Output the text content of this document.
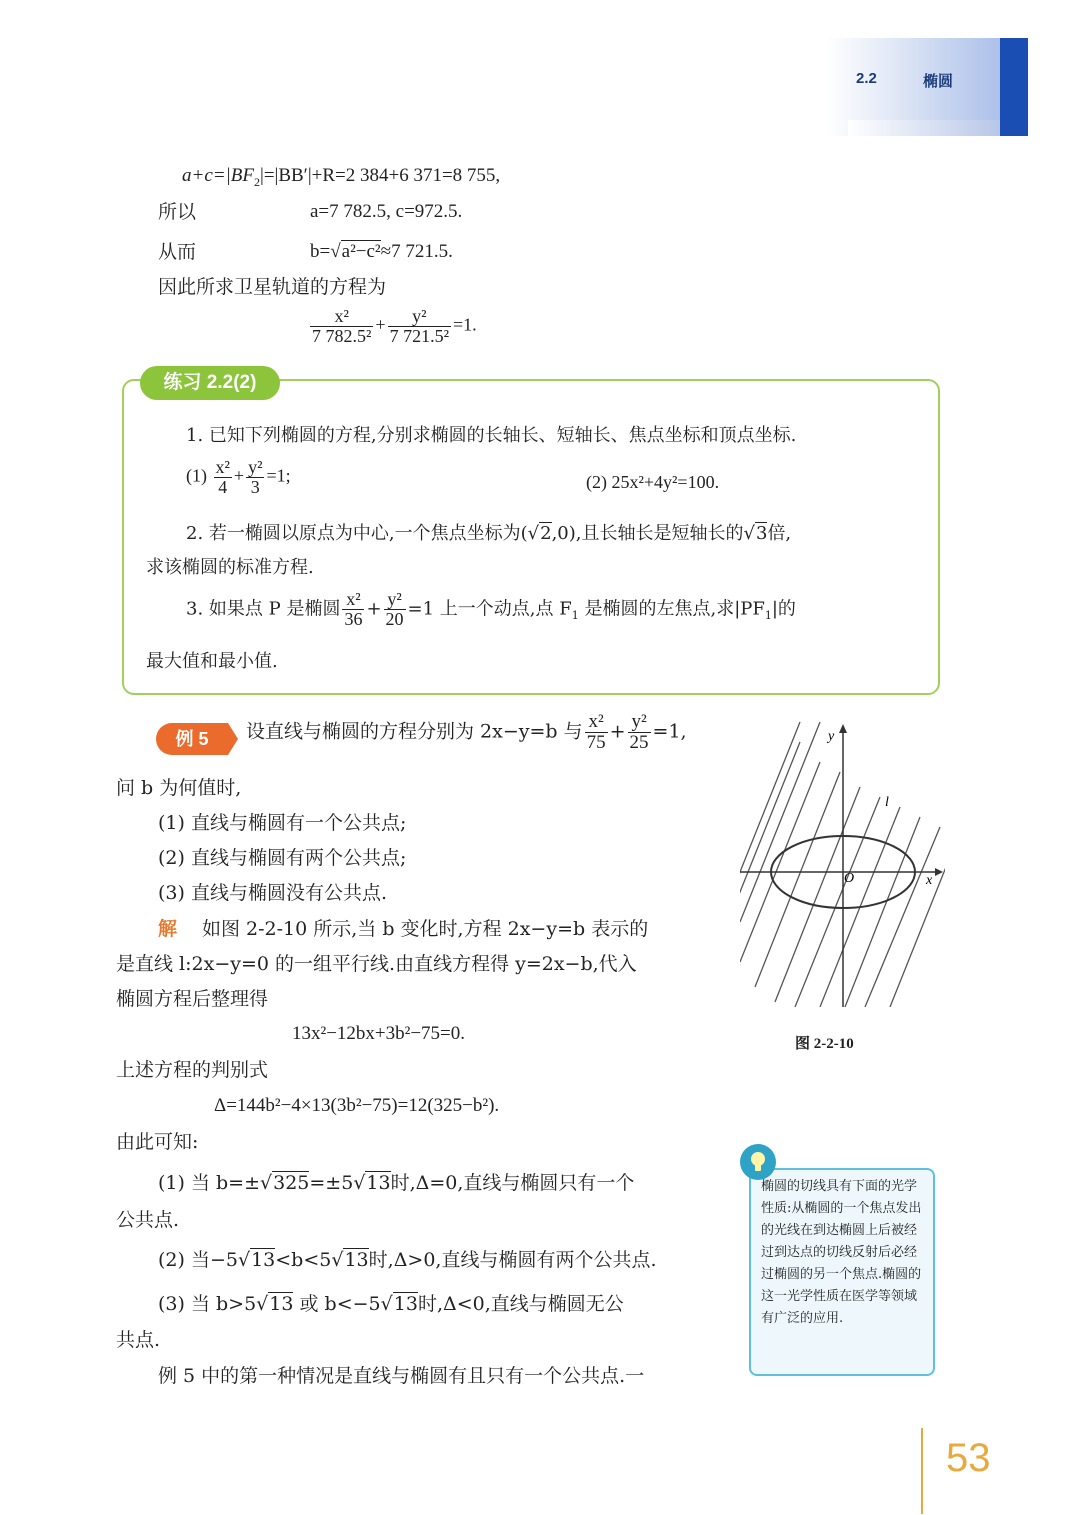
2.2	椭圆
$a+c=|BF_2|=|BB'|+R=2$ 384+6 371=8 755,
所以	a=7 782.5, c=972.5.
从而	b=√a²−c²≈7 721.5.
因此所求卫星轨道的方程为
$\frac{\text{x²}}{\text{7 782.5²}} + \frac{\text{y²}}{\text{7 721.5²}} =1$.
练习 2.2(2)
1. 已知下列椭圆的方程,分别求椭圆的长轴长、短轴长、焦点坐标和顶点坐标.
$(1) \frac{\text{x²}}{4} + \frac{\text{y²}}{3} =1$;	(2) 25x²+4y²=100.
2. 若一椭圆以原点为中心,一个焦点坐标为(√2,0),且长轴长是短轴长的√3倍,
求该椭圆的标准方程.
3. 如果点 P 是椭圆 $\frac{\text{x²}}{36} + \frac{\text{y²}}{20} =1$ 上一个动点,点 $F_1$ 是椭圆的左焦点,求$|PF_1|$的
最大值和最小值.
例 5	设直线与椭圆的方程分别为 2x−y=b 与 $\frac{\text{x²}}{75} + \frac{\text{y²}}{25} =1$,
问 b 为何值时,
(1) 直线与椭圆有一个公共点;
(2) 直线与椭圆有两个公共点;
(3) 直线与椭圆没有公共点.
解 如图 2-2-10 所示,当 b 变化时,方程 2x−y=b 表示的
是直线 l:2x−y=0 的一组平行线.由直线方程得 y=2x−b,代入
椭圆方程后整理得
13x²−12bx+3b²−75=0.
上述方程的判别式
Δ=144b²−4×13(3b²−75)=12(325−b²).
由此可知:
(1) 当 b=±√325=±5√13时,Δ=0,直线与椭圆只有一个
公共点.
(2) 当−5√13<b<5√13时,Δ>0,直线与椭圆有两个公共点.
(3) 当 b>5√13 或 b<−5√13时,Δ<0,直线与椭圆无公
共点.
例 5 中的第一种情况是直线与椭圆有且只有一个公共点.一
y
x
O
l
图 2-2-10
椭圆的切线具有下面的光学性质:从椭圆的一个焦点发出的光线在到达椭圆上后被经过到达点的切线反射后必经过椭圆的另一个焦点.椭圆的这一光学性质在医学等领域有广泛的应用.
53
